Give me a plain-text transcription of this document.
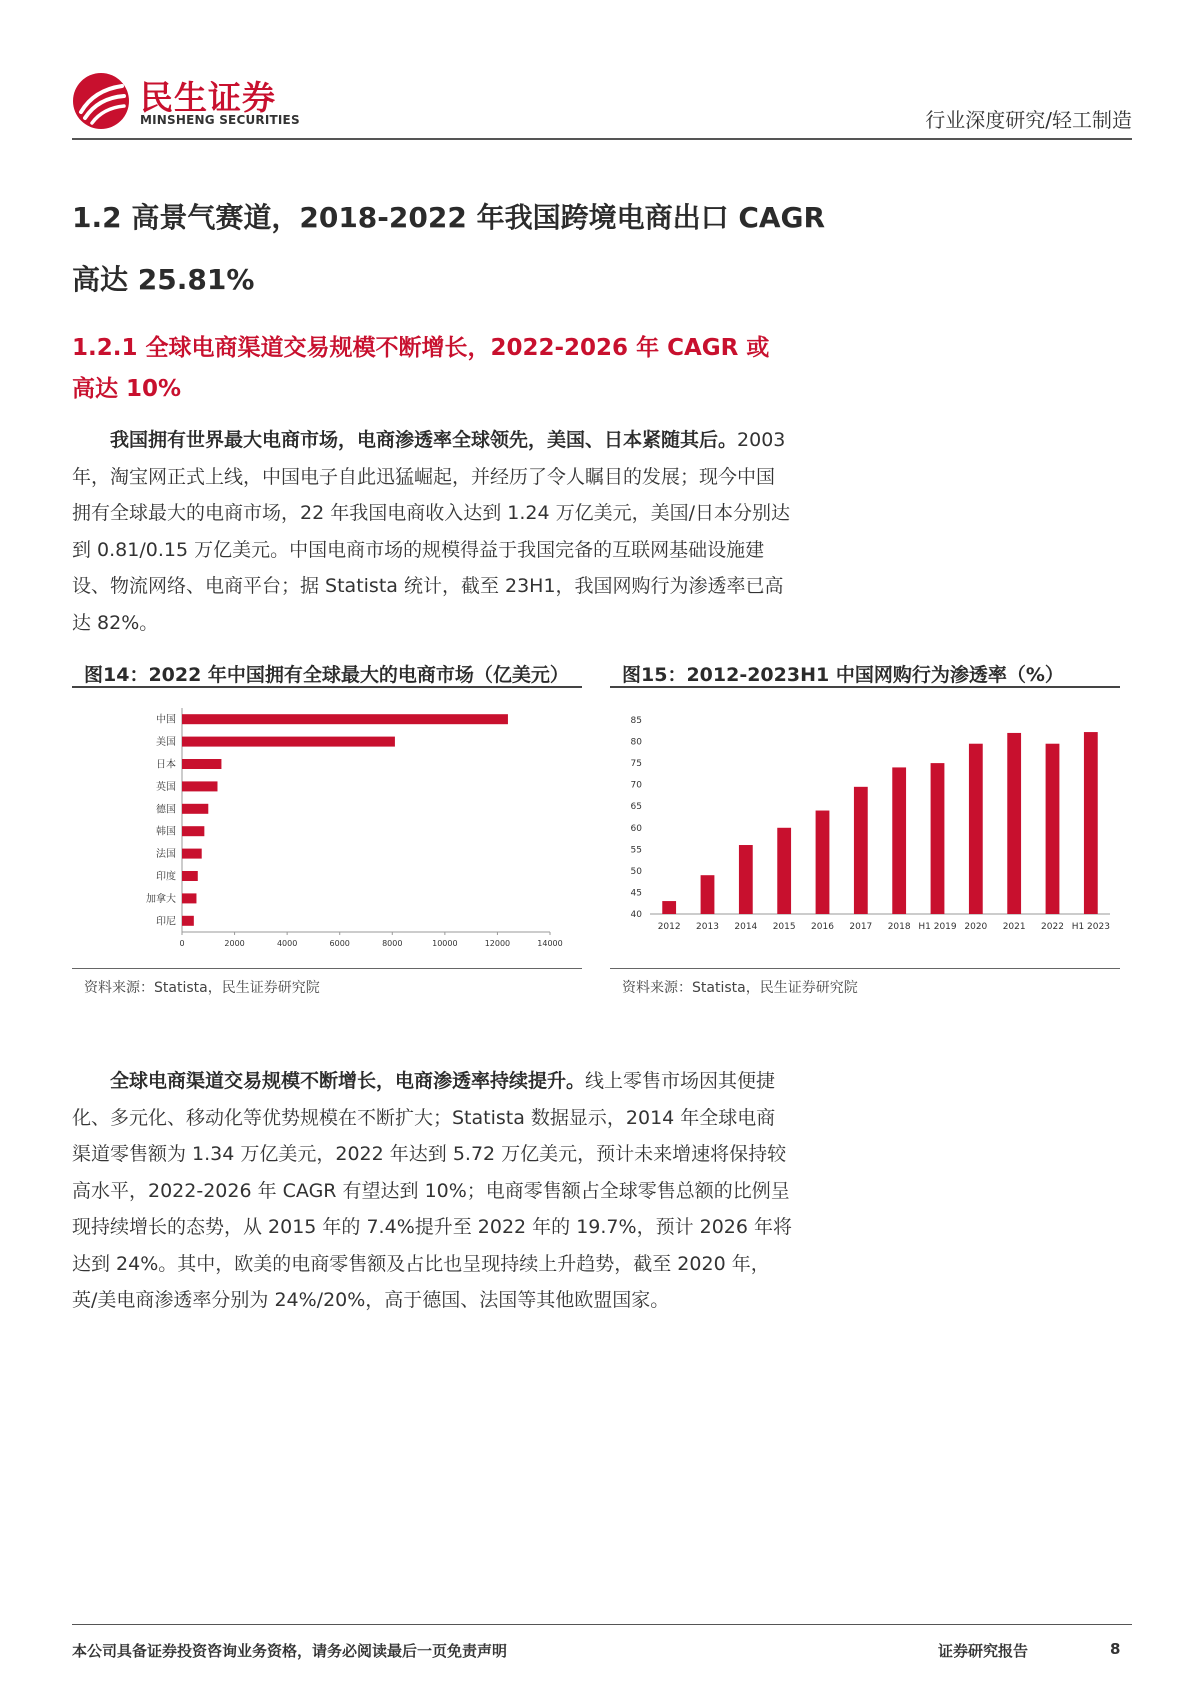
民生证券
MINSHENG SECURITIES	行业深度研究/轻工制造
1.2 高景气赛道，2018-2022 年我国跨境电商出口 CAGR
高达 25.81%
1.2.1 全球电商渠道交易规模不断增长，2022-2026 年 CAGR 或
高达 10%

我国拥有世界最大电商市场，电商渗透率全球领先，美国、日本紧随其后。2003 年，淘宝网正式上线，中国电子自此迅猛崛起，并经历了令人瞩目的发展；现今中国拥有全球最大的电商市场，22 年我国电商收入达到 1.24 万亿美元，美国/日本分别达到 0.81/0.15 万亿美元。中国电商市场的规模得益于我国完备的互联网基础设施建设、物流网络、电商平台；据 Statista 统计，截至 23H1，我国网购行为渗透率已高达 82%。

图14：2022 年中国拥有全球最大的电商市场（亿美元）
中国
美国
日本
英国
德国
韩国
法国
印度
加拿大
印尼
0	2000	4000	6000	8000	10000	12000	14000
资料来源：Statista，民生证券研究院
图15：2012-2023H1 中国网购行为渗透率（%）
40
45
50
55
60
65
70
75
80
85
2012 2013 2014 2015 2016 2017 2018 H1 2019 2020 2021 2022 H1 2023
资料来源：Statista，民生证券研究院

全球电商渠道交易规模不断增长，电商渗透率持续提升。线上零售市场因其便捷化、多元化、移动化等优势规模在不断扩大；Statista 数据显示，2014 年全球电商渠道零售额为 1.34 万亿美元，2022 年达到 5.72 万亿美元，预计未来增速将保持较高水平，2022-2026 年 CAGR 有望达到 10%；电商零售额占全球零售总额的比例呈现持续增长的态势，从 2015 年的 7.4%提升至 2022 年的 19.7%，预计 2026 年将达到 24%。其中，欧美的电商零售额及占比也呈现持续上升趋势，截至 2020 年，英/美电商渗透率分别为 24%/20%，高于德国、法国等其他欧盟国家。

本公司具备证券投资咨询业务资格，请务必阅读最后一页免责声明	证券研究报告	8
